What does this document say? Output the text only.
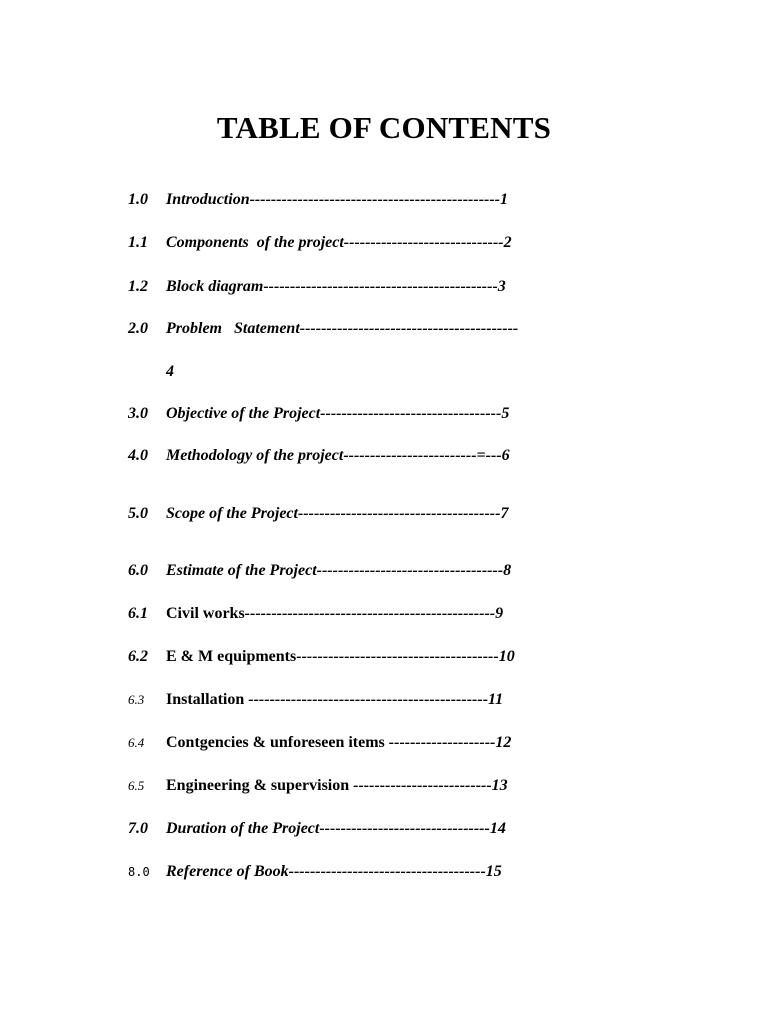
TABLE OF CONTENTS

1.0

Introduction-----------------------------------------------1

1.1

Components  of the project------------------------------2

1.2

Block diagram--------------------------------------------3

2.0

Problem   Statement-----------------------------------------

4

3.0

Objective of the Project----------------------------------5

4.0

Methodology of the project-------------------------=---6

5.0

Scope of the Project--------------------------------------7

6.0

Estimate of the Project-----------------------------------8

6.1

Civil works-----------------------------------------------9

6.2

E & M equipments--------------------------------------10

6.3

Installation ---------------------------------------------11

6.4

Contgencies & unforeseen items --------------------12

6.5

Engineering & supervision --------------------------13

7.0

Duration of the Project--------------------------------14

8.0

Reference of Book-------------------------------------15
